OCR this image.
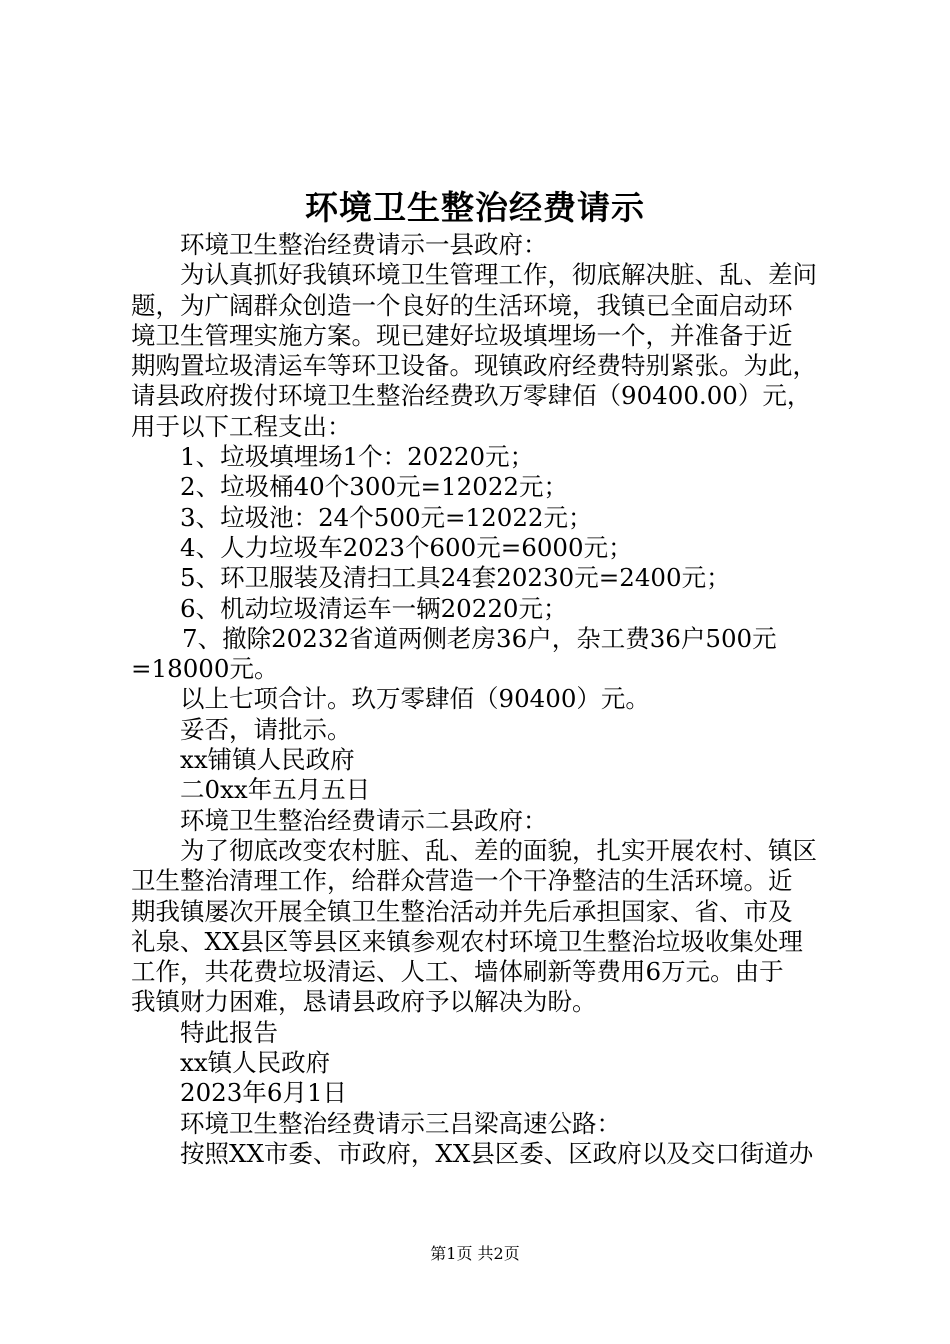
环境卫生整治经费请示

环境卫生整治经费请示一县政府：

为认真抓好我镇环境卫生管理工作，彻底解决脏、乱、差问

题，为广阔群众创造一个良好的生活环境，我镇已全面启动环

境卫生管理实施方案。现已建好垃圾填埋场一个，并准备于近

期购置垃圾清运车等环卫设备。现镇政府经费特别紧张。为此，

请县政府拨付环境卫生整治经费玖万零肆佰（90400.00）元，

用于以下工程支出：

1、垃圾填埋场1个：20220元；

2、垃圾桶40个300元=12022元；

3、垃圾池：24个500元=12022元；

4、人力垃圾车2023个600元=6000元；

5、环卫服装及清扫工具24套20230元=2400元；

6、机动垃圾清运车一辆20220元；

7、撤除20232省道两侧老房36户，杂工费36户500元

=18000元。

以上七项合计。玖万零肆佰（90400）元。

妥否，请批示。

xx铺镇人民政府

二0xx年五月五日

环境卫生整治经费请示二县政府：

为了彻底改变农村脏、乱、差的面貌，扎实开展农村、镇区

卫生整治清理工作，给群众营造一个干净整洁的生活环境。近

期我镇屡次开展全镇卫生整治活动并先后承担国家、省、市及

礼泉、XX县区等县区来镇参观农村环境卫生整治垃圾收集处理

工作，共花费垃圾清运、人工、墙体刷新等费用6万元。由于

我镇财力困难，恳请县政府予以解决为盼。

特此报告

xx镇人民政府

2023年6月1日

环境卫生整治经费请示三吕梁高速公路：

按照XX市委、市政府，XX县区委、区政府以及交口街道办

第1页 共2页
